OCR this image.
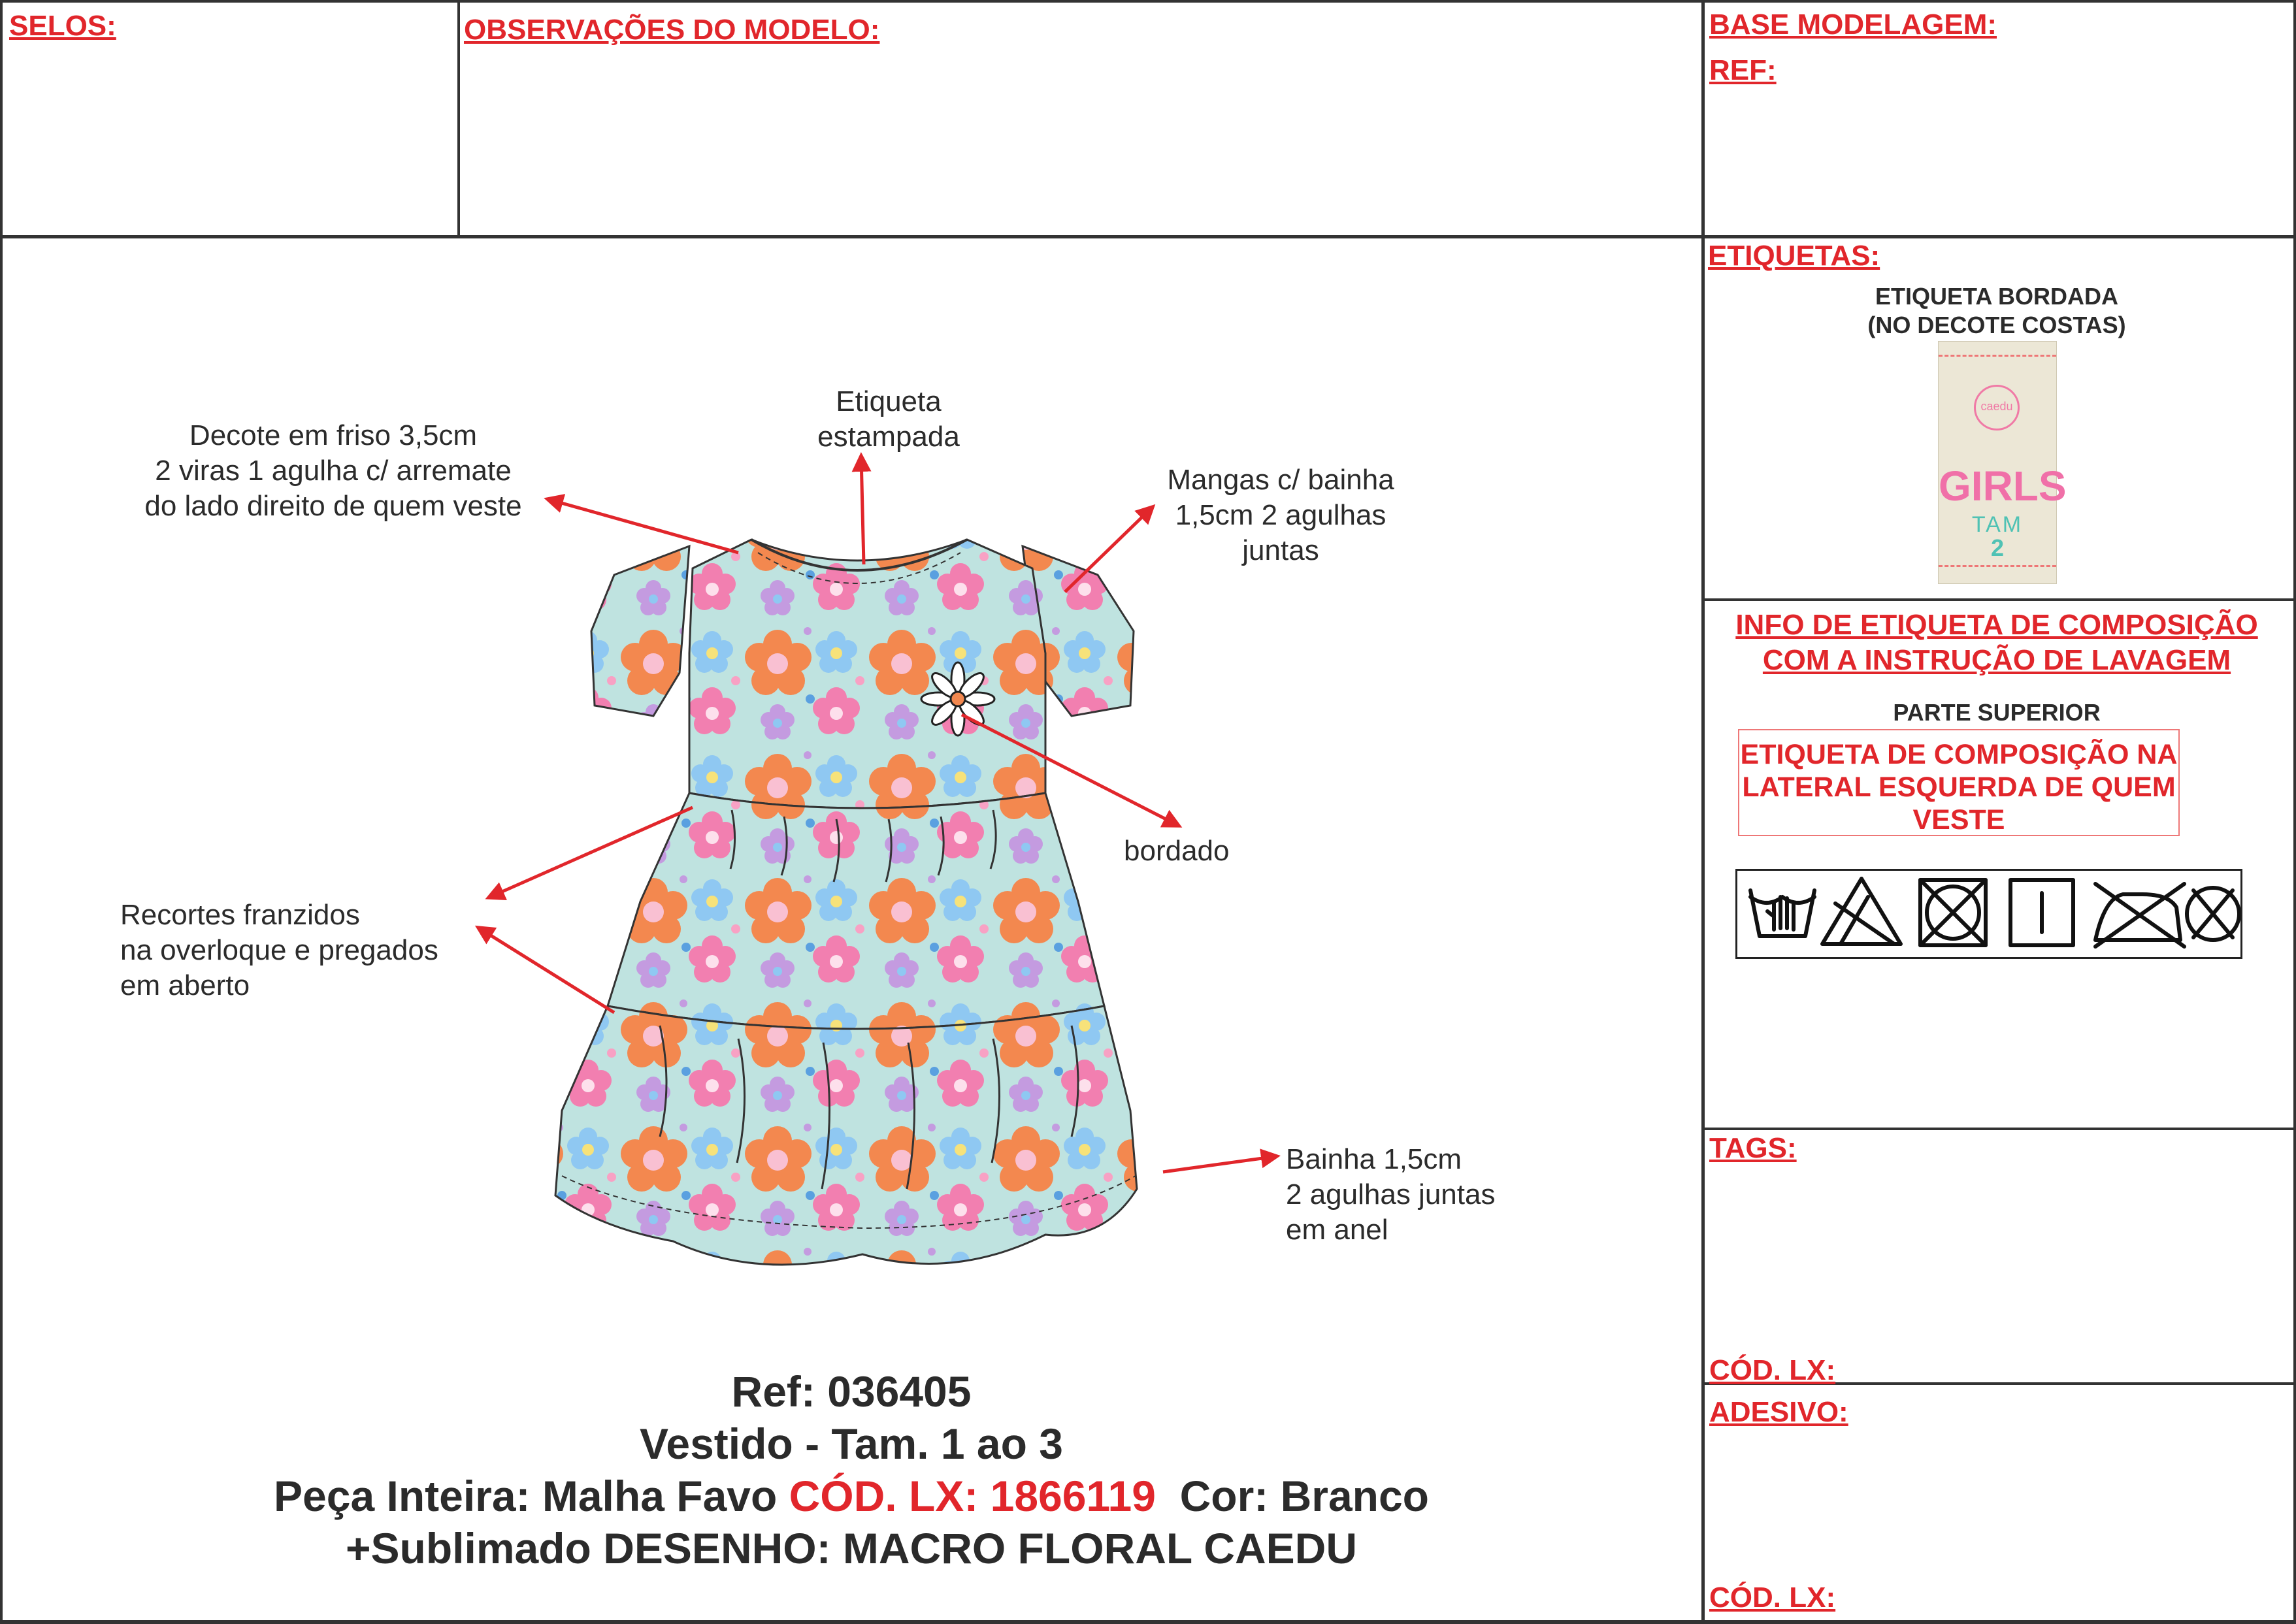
SELOS:	OBSERVAÇÕES DO MODELO:	BASE MODELAGEM:
REF:
ETIQUETAS:
ETIQUETA BORDADA
(NO DECOTE COSTAS)
caedu
GIRLS
TAM
2
INFO DE ETIQUETA DE COMPOSIÇÃO
COM A INSTRUÇÃO DE LAVAGEM
PARTE SUPERIOR
ETIQUETA DE COMPOSIÇÃO NA
LATERAL ESQUERDA DE QUEM
VESTE
TAGS:
CÓD. LX:
ADESIVO:
CÓD. LX:
Etiqueta
estampada
Decote em friso 3,5cm
2 viras 1 agulha c/ arremate
do lado direito de quem veste
Mangas c/ bainha
1,5cm 2 agulhas
juntas
bordado
Recortes franzidos
na overloque e pregados
em aberto
Bainha 1,5cm
2 agulhas juntas
em anel
Ref: 036405
Vestido - Tam. 1 ao 3
Peça Inteira: Malha Favo CÓD. LX: 1866119  Cor: Branco
+Sublimado DESENHO: MACRO FLORAL CAEDU
